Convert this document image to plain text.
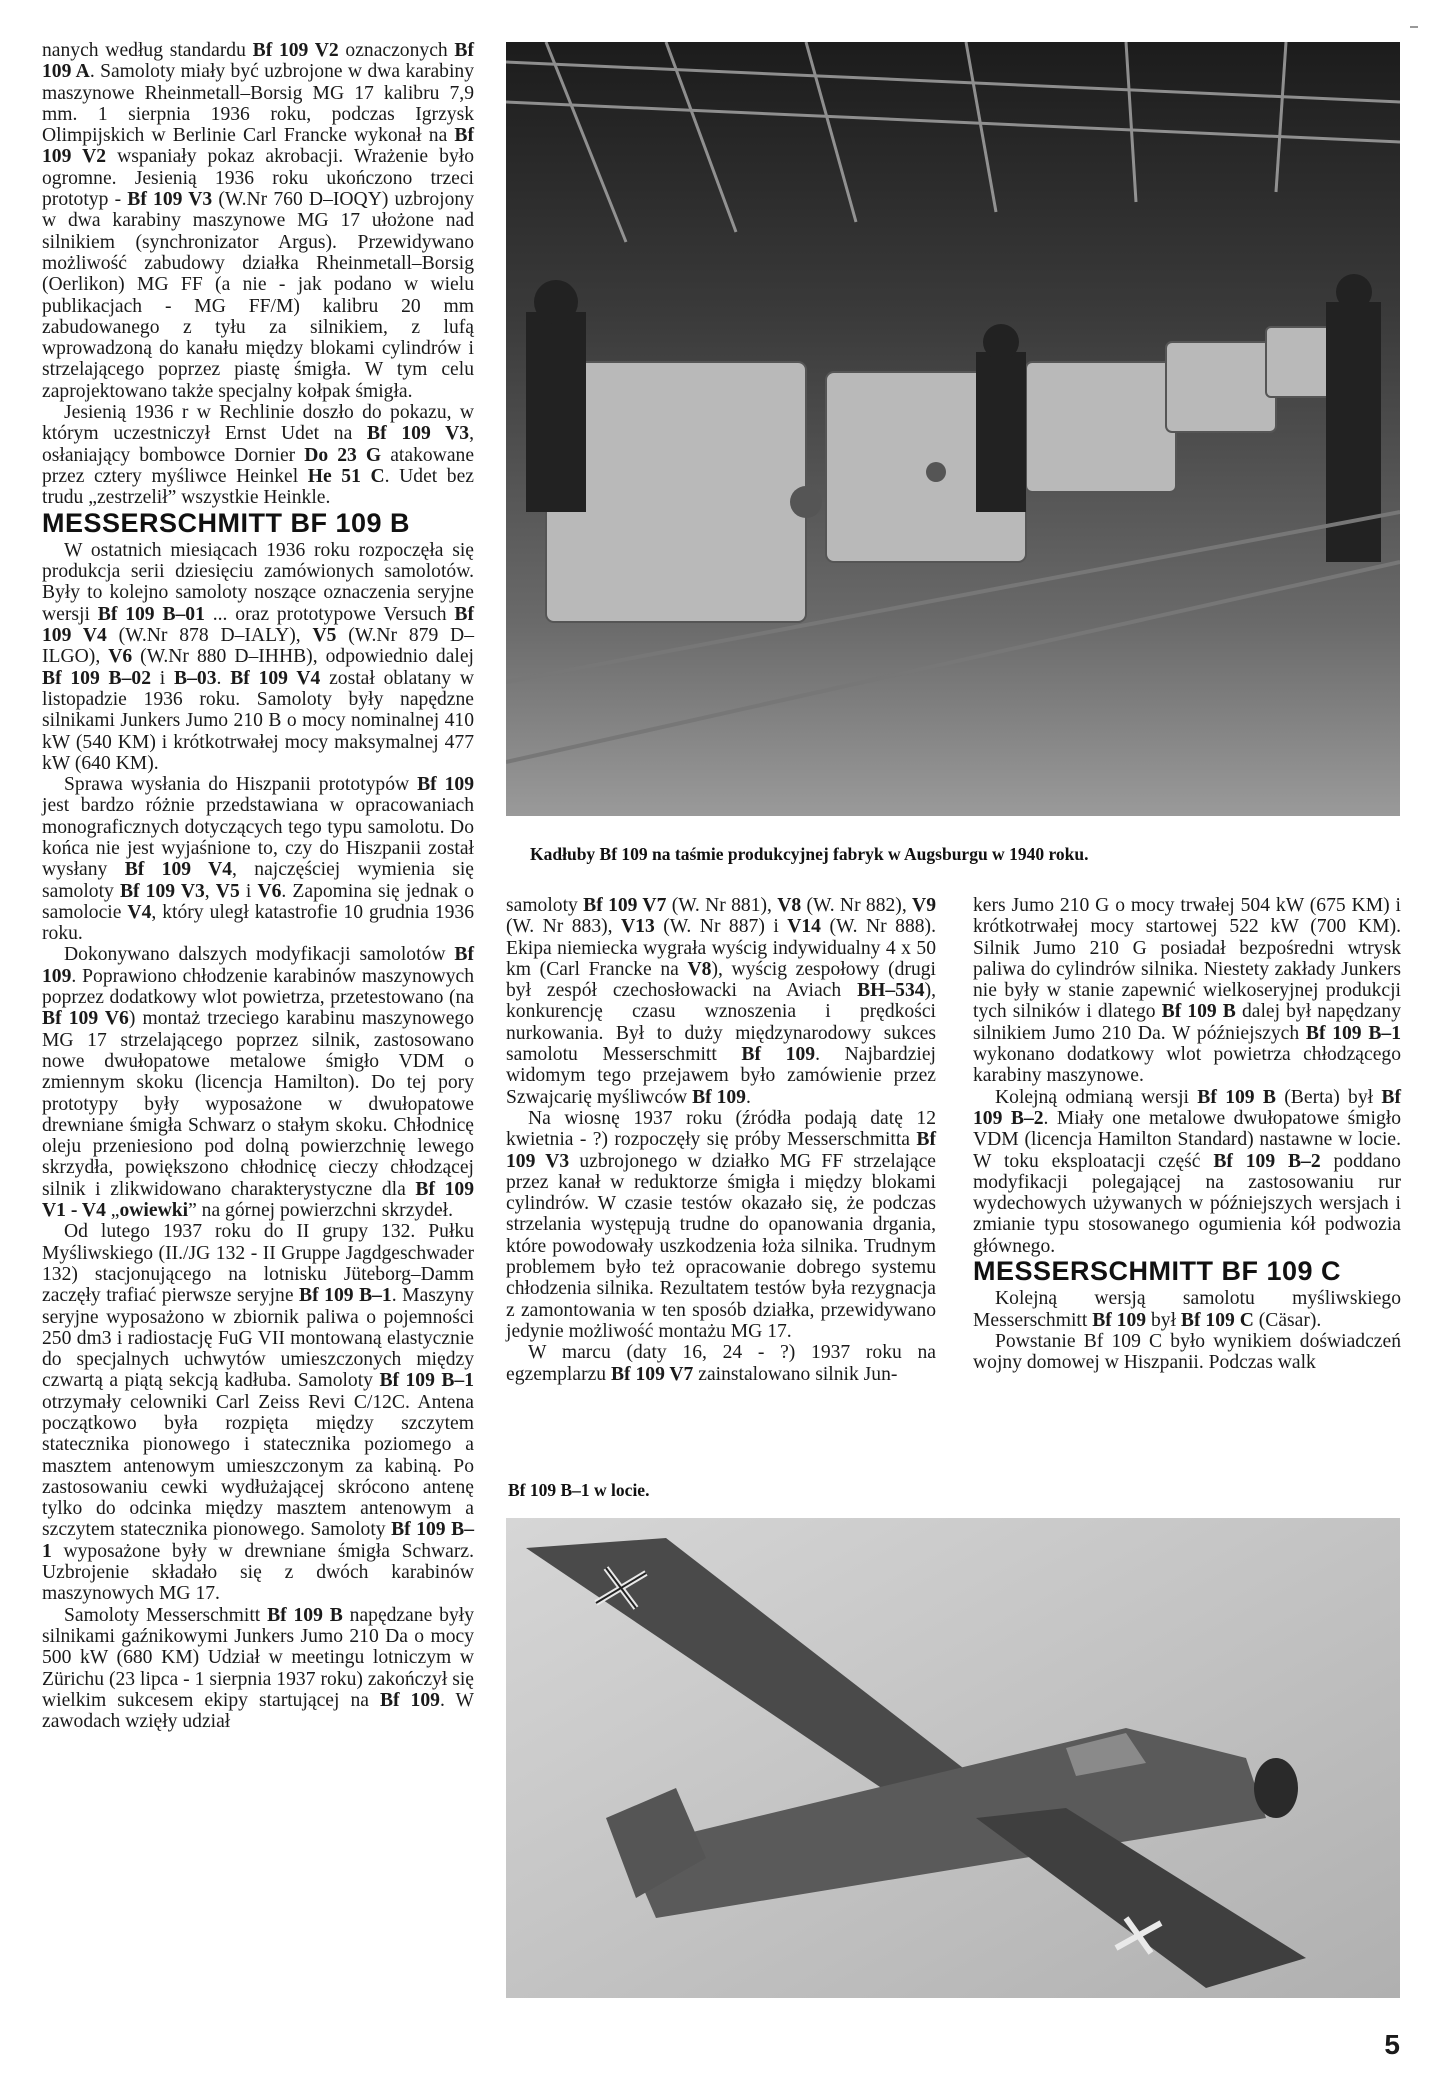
nanych według standardu Bf 109 V2 oznaczonych Bf 109 A. Samoloty miały być uzbrojone w dwa karabiny maszynowe Rheinmetall–Borsig MG 17 kalibru 7,9 mm. 1 sierpnia 1936 roku, podczas Igrzysk Olimpijskich w Berlinie Carl Francke wykonał na Bf 109 V2 wspaniały pokaz akrobacji. Wrażenie było ogromne. Jesienią 1936 roku ukończono trzeci prototyp - Bf 109 V3 (W.Nr 760 D–IOQY) uzbrojony w dwa karabiny maszynowe MG 17 ułożone nad silnikiem (synchronizator Argus). Przewidywano możliwość zabudowy działka Rheinmetall–Borsig (Oerlikon) MG FF (a nie - jak podano w wielu publikacjach - MG FF/M) kalibru 20 mm zabudowanego z tyłu za silnikiem, z lufą wprowadzoną do kanału między blokami cylindrów i strzelającego poprzez piastę śmigła. W tym celu zaprojektowano także specjalny kołpak śmigła.

Jesienią 1936 r w Rechlinie doszło do pokazu, w którym uczestniczył Ernst Udet na Bf 109 V3, osłaniający bombowce Dornier Do 23 G atakowane przez cztery myśliwce Heinkel He 51 C. Udet bez trudu „zestrzelił” wszystkie Heinkle.

MESSERSCHMITT BF 109 B

W ostatnich miesiącach 1936 roku rozpoczęła się produkcja serii dziesięciu zamówionych samolotów. Były to kolejno samoloty noszące oznaczenia seryjne wersji Bf 109 B–01 ... oraz prototypowe Versuch Bf 109 V4 (W.Nr 878 D–IALY), V5 (W.Nr 879 D–ILGO), V6 (W.Nr 880 D–IHHB), odpowiednio dalej Bf 109 B–02 i B–03. Bf 109 V4 został oblatany w listopadzie 1936 roku. Samoloty były napędzne silnikami Junkers Jumo 210 B o mocy nominalnej 410 kW (540 KM) i krótkotrwałej mocy maksymalnej 477 kW (640 KM).

Sprawa wysłania do Hiszpanii prototypów Bf 109 jest bardzo różnie przedstawiana w opracowaniach monograficznych dotyczących tego typu samolotu. Do końca nie jest wyjaśnione to, czy do Hiszpanii został wysłany Bf 109 V4, najczęściej wymienia się samoloty Bf 109 V3, V5 i V6. Zapomina się jednak o samolocie V4, który uległ katastrofie 10 grudnia 1936 roku.

Dokonywano dalszych modyfikacji samolotów Bf 109. Poprawiono chłodzenie karabinów maszynowych poprzez dodatkowy wlot powietrza, przetestowano (na Bf 109 V6) montaż trzeciego karabinu maszynowego MG 17 strzelającego poprzez silnik, zastosowano nowe dwułopatowe metalowe śmigło VDM o zmiennym skoku (licencja Hamilton). Do tej pory prototypy były wyposażone w dwułopatowe drewniane śmigła Schwarz o stałym skoku. Chłodnicę oleju przeniesiono pod dolną powierzchnię lewego skrzydła, powiększono chłodnicę cieczy chłodzącej silnik i zlikwidowano charakterystyczne dla Bf 109 V1 - V4 „owiewki” na górnej powierzchni skrzydeł.

Od lutego 1937 roku do II grupy 132. Pułku Myśliwskiego (II./JG 132 - II Gruppe Jagdgeschwader 132) stacjonującego na lotnisku Jüteborg–Damm zaczęły trafiać pierwsze seryjne Bf 109 B–1. Maszyny seryjne wyposażono w zbiornik paliwa o pojemności 250 dm3 i radiostację FuG VII montowaną elastycznie do specjalnych uchwytów umieszczonych między czwartą a piątą sekcją kadłuba. Samoloty Bf 109 B–1 otrzymały celowniki Carl Zeiss Revi C/12C. Antena początkowo była rozpięta między szczytem statecznika pionowego i statecznika poziomego a masztem antenowym umieszczonym za kabiną. Po zastosowaniu cewki wydłużającej skrócono antenę tylko do odcinka między masztem antenowym a szczytem statecznika pionowego. Samoloty Bf 109 B–1 wyposażone były w drewniane śmigła Schwarz. Uzbrojenie składało się z dwóch karabinów maszynowych MG 17.

Samoloty Messerschmitt Bf 109 B napędzane były silnikami gaźnikowymi Junkers Jumo 210 Da o mocy 500 kW (680 KM) Udział w meetingu lotniczym w Zürichu (23 lipca - 1 sierpnia 1937 roku) zakończył się wielkim sukcesem ekipy startującej na Bf 109. W zawodach wzięły udział

Kadłuby Bf 109 na taśmie produkcyjnej fabryk w Augsburgu w 1940 roku.

samoloty Bf 109 V7 (W. Nr 881), V8 (W. Nr 882), V9 (W. Nr 883), V13 (W. Nr 887) i V14 (W. Nr 888). Ekipa niemiecka wygrała wyścig indywidualny 4 x 50 km (Carl Francke na V8), wyścig zespołowy (drugi był zespół czechosłowacki na Aviach BH–534), konkurencję czasu wznoszenia i prędkości nurkowania. Był to duży międzynarodowy sukces samolotu Messerschmitt Bf 109. Najbardziej widomym tego przejawem było zamówienie przez Szwajcarię myśliwców Bf 109.

Na wiosnę 1937 roku (źródła podają datę 12 kwietnia - ?) rozpoczęły się próby Messerschmitta Bf 109 V3 uzbrojonego w działko MG FF strzelające przez kanał w reduktorze śmigła i między blokami cylindrów. W czasie testów okazało się, że podczas strzelania występują trudne do opanowania drgania, które powodowały uszkodzenia łoża silnika. Trudnym problemem było też opracowanie dobrego systemu chłodzenia silnika. Rezultatem testów była rezygnacja z zamontowania w ten sposób działka, przewidywano jedynie możliwość montażu MG 17.

W marcu (daty 16, 24 - ?) 1937 roku na egzemplarzu Bf 109 V7 zainstalowano silnik Jun-

kers Jumo 210 G o mocy trwałej 504 kW (675 KM) i krótkotrwałej mocy startowej 522 kW (700 KM). Silnik Jumo 210 G posiadał bezpośredni wtrysk paliwa do cylindrów silnika. Niestety zakłady Junkers nie były w stanie zapewnić wielkoseryjnej produkcji tych silników i dlatego Bf 109 B dalej był napędzany silnikiem Jumo 210 Da. W późniejszych Bf 109 B–1 wykonano dodatkowy wlot powietrza chłodzącego karabiny maszynowe.

Kolejną odmianą wersji Bf 109 B (Berta) był Bf 109 B–2. Miały one metalowe dwułopatowe śmigło VDM (licencja Hamilton Standard) nastawne w locie. W toku eksploatacji część Bf 109 B–2 poddano modyfikacji polegającej na zastosowaniu rur wydechowych używanych w późniejszych wersjach i zmianie typu stosowanego ogumienia kół podwozia głównego.

MESSERSCHMITT BF 109 C

Kolejną wersją samolotu myśliwskiego Messerschmitt Bf 109 był Bf 109 C (Cäsar).

Powstanie Bf 109 C było wynikiem doświadczeń wojny domowej w Hiszpanii. Podczas walk

Bf 109 B–1 w locie.
5
